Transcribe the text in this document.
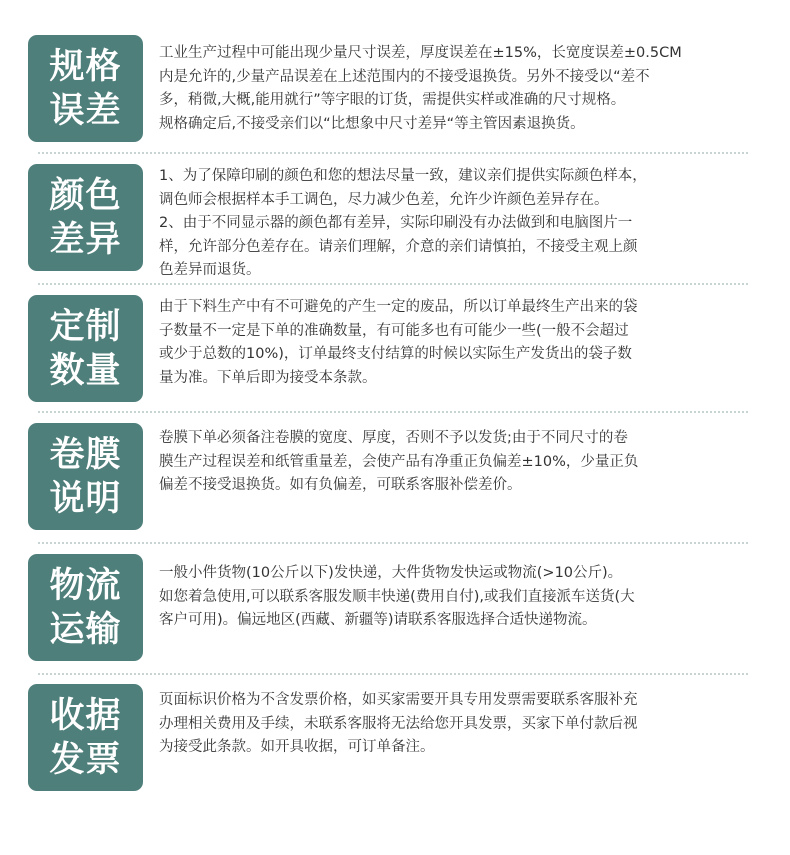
规格
误差

工业生产过程中可能出现少量尺寸误差，厚度误差在±15%，长宽度误差±0.5CM

内是允许的,少量产品误差在上述范围内的不接受退换货。另外不接受以“差不

多，稍微,大概,能用就行”等字眼的订货，需提供实样或准确的尺寸规格。

规格确定后,不接受亲们以“比想象中尺寸差异“等主管因素退换货。

颜色
差异

1、为了保障印刷的颜色和您的想法尽量一致，建议亲们提供实际颜色样本，

调色师会根据样本手工调色，尽力减少色差，允许少许颜色差异存在。

2、由于不同显示器的颜色都有差异，实际印刷没有办法做到和电脑图片一

样，允许部分色差存在。请亲们理解，介意的亲们请慎拍，不接受主观上颜

色差异而退货。

定制
数量

由于下料生产中有不可避免的产生一定的废品，所以订单最终生产出来的袋

子数量不一定是下单的准确数量，有可能多也有可能少一些(一般不会超过

或少于总数的10%)，订单最终支付结算的时候以实际生产发货出的袋子数

量为准。下单后即为接受本条款。

卷膜
说明

卷膜下单必须备注卷膜的宽度、厚度，否则不予以发货;由于不同尺寸的卷

膜生产过程误差和纸管重量差，会使产品有净重正负偏差±10%，少量正负

偏差不接受退换货。如有负偏差，可联系客服补偿差价。

物流
运输

一般小件货物(10公斤以下)发快递，大件货物发快运或物流(>10公斤)。

如您着急使用,可以联系客服发顺丰快递(费用自付),或我们直接派车送货(大

客户可用)。偏远地区(西藏、新疆等)请联系客服选择合适快递物流。

收据
发票

页面标识价格为不含发票价格，如买家需要开具专用发票需要联系客服补充

办理相关费用及手续，未联系客服将无法给您开具发票，买家下单付款后视

为接受此条款。如开具收据，可订单备注。
